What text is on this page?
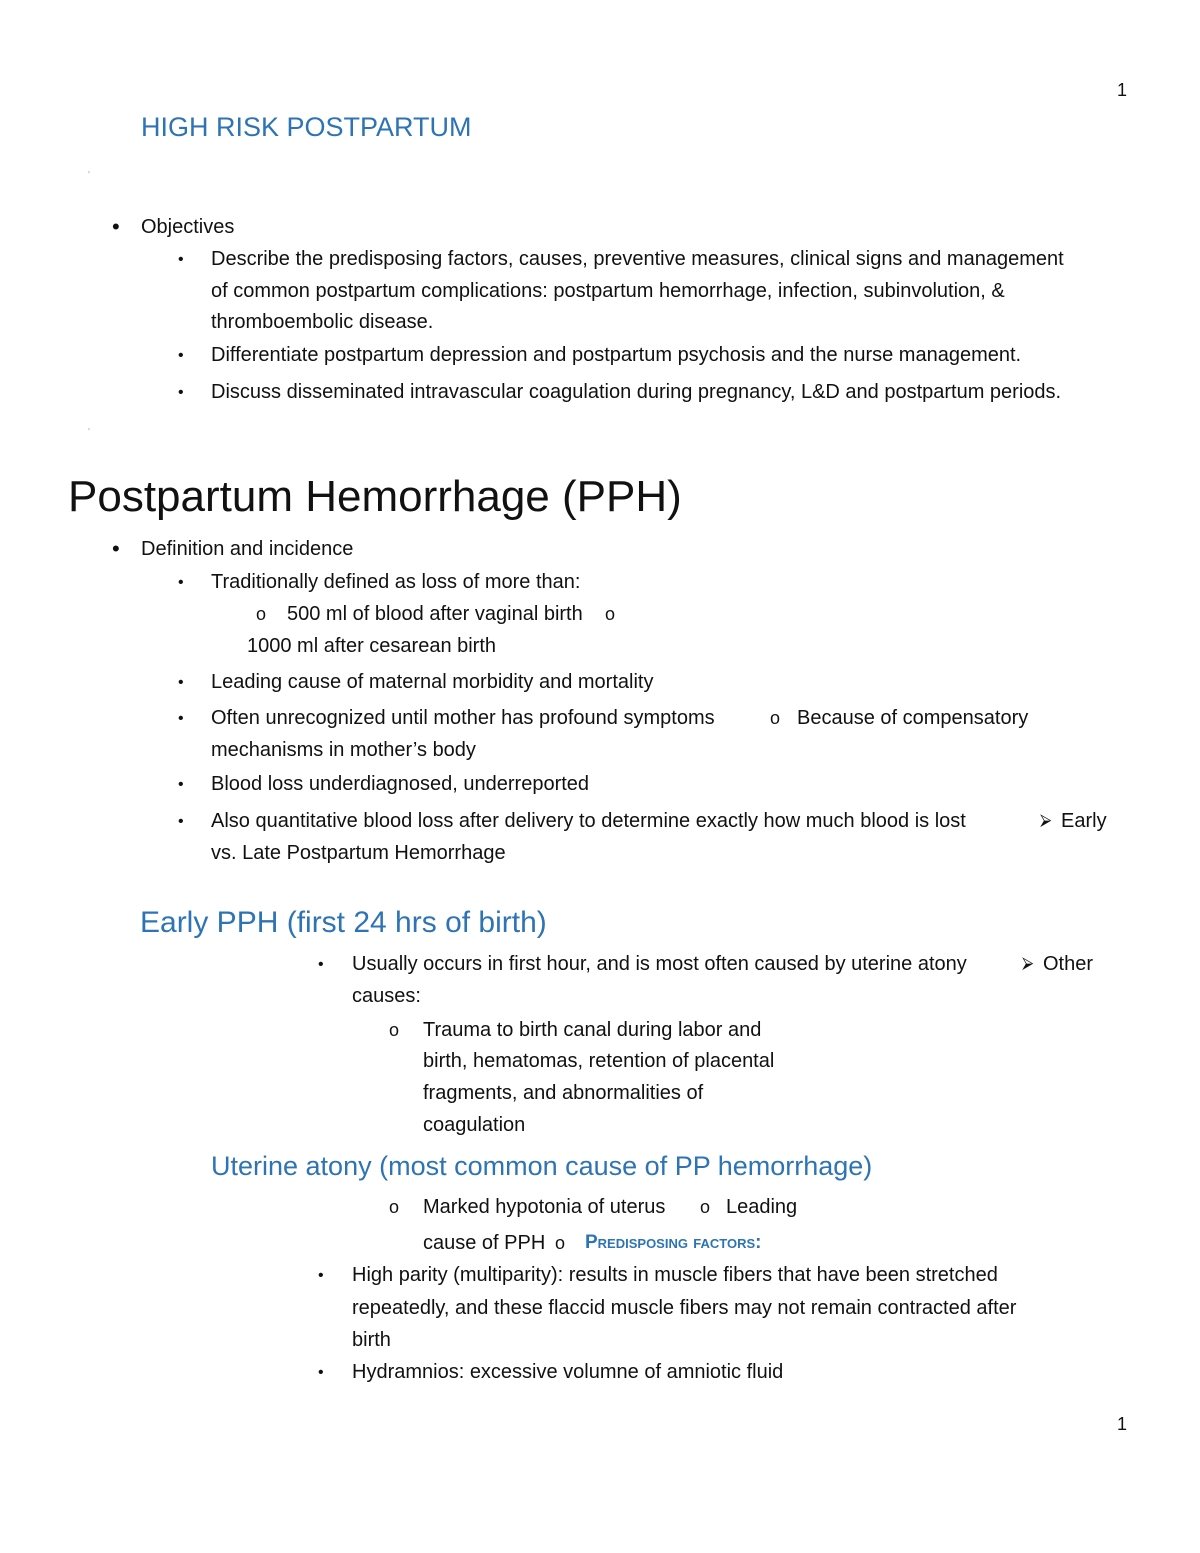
1
1
HIGH RISK POSTPARTUM
'
• Objectives
• Describe the predisposing factors, causes, preventive measures, clinical signs and management
of common postpartum complications: postpartum hemorrhage, infection, subinvolution, &
thromboembolic disease.
• Differentiate postpartum depression and postpartum psychosis and the nurse management.
• Discuss disseminated intravascular coagulation during pregnancy, L&D and postpartum periods.
'
Postpartum Hemorrhage (PPH)
• Definition and incidence
• Traditionally defined as loss of more than:
o 500 ml of blood after vaginal birth o
1000 ml after cesarean birth
• Leading cause of maternal morbidity and mortality
• Often unrecognized until mother has profound symptoms	o Because of compensatory
mechanisms in mother’s body
• Blood loss underdiagnosed, underreported
• Also quantitative blood loss after delivery to determine exactly how much blood is lost	⮚ Early
vs. Late Postpartum Hemorrhage
Early PPH (first 24 hrs of birth)
• Usually occurs in first hour, and is most often caused by uterine atony	⮚ Other
causes:
o Trauma to birth canal during labor and
birth, hematomas, retention of placental
fragments, and abnormalities of
coagulation
Uterine atony (most common cause of PP hemorrhage)
o Marked hypotonia of uterus o Leading
cause of PPH o Predisposing factors:
• High parity (multiparity): results in muscle fibers that have been stretched
repeatedly, and these flaccid muscle fibers may not remain contracted after
birth
• Hydramnios: excessive volumne of amniotic fluid
